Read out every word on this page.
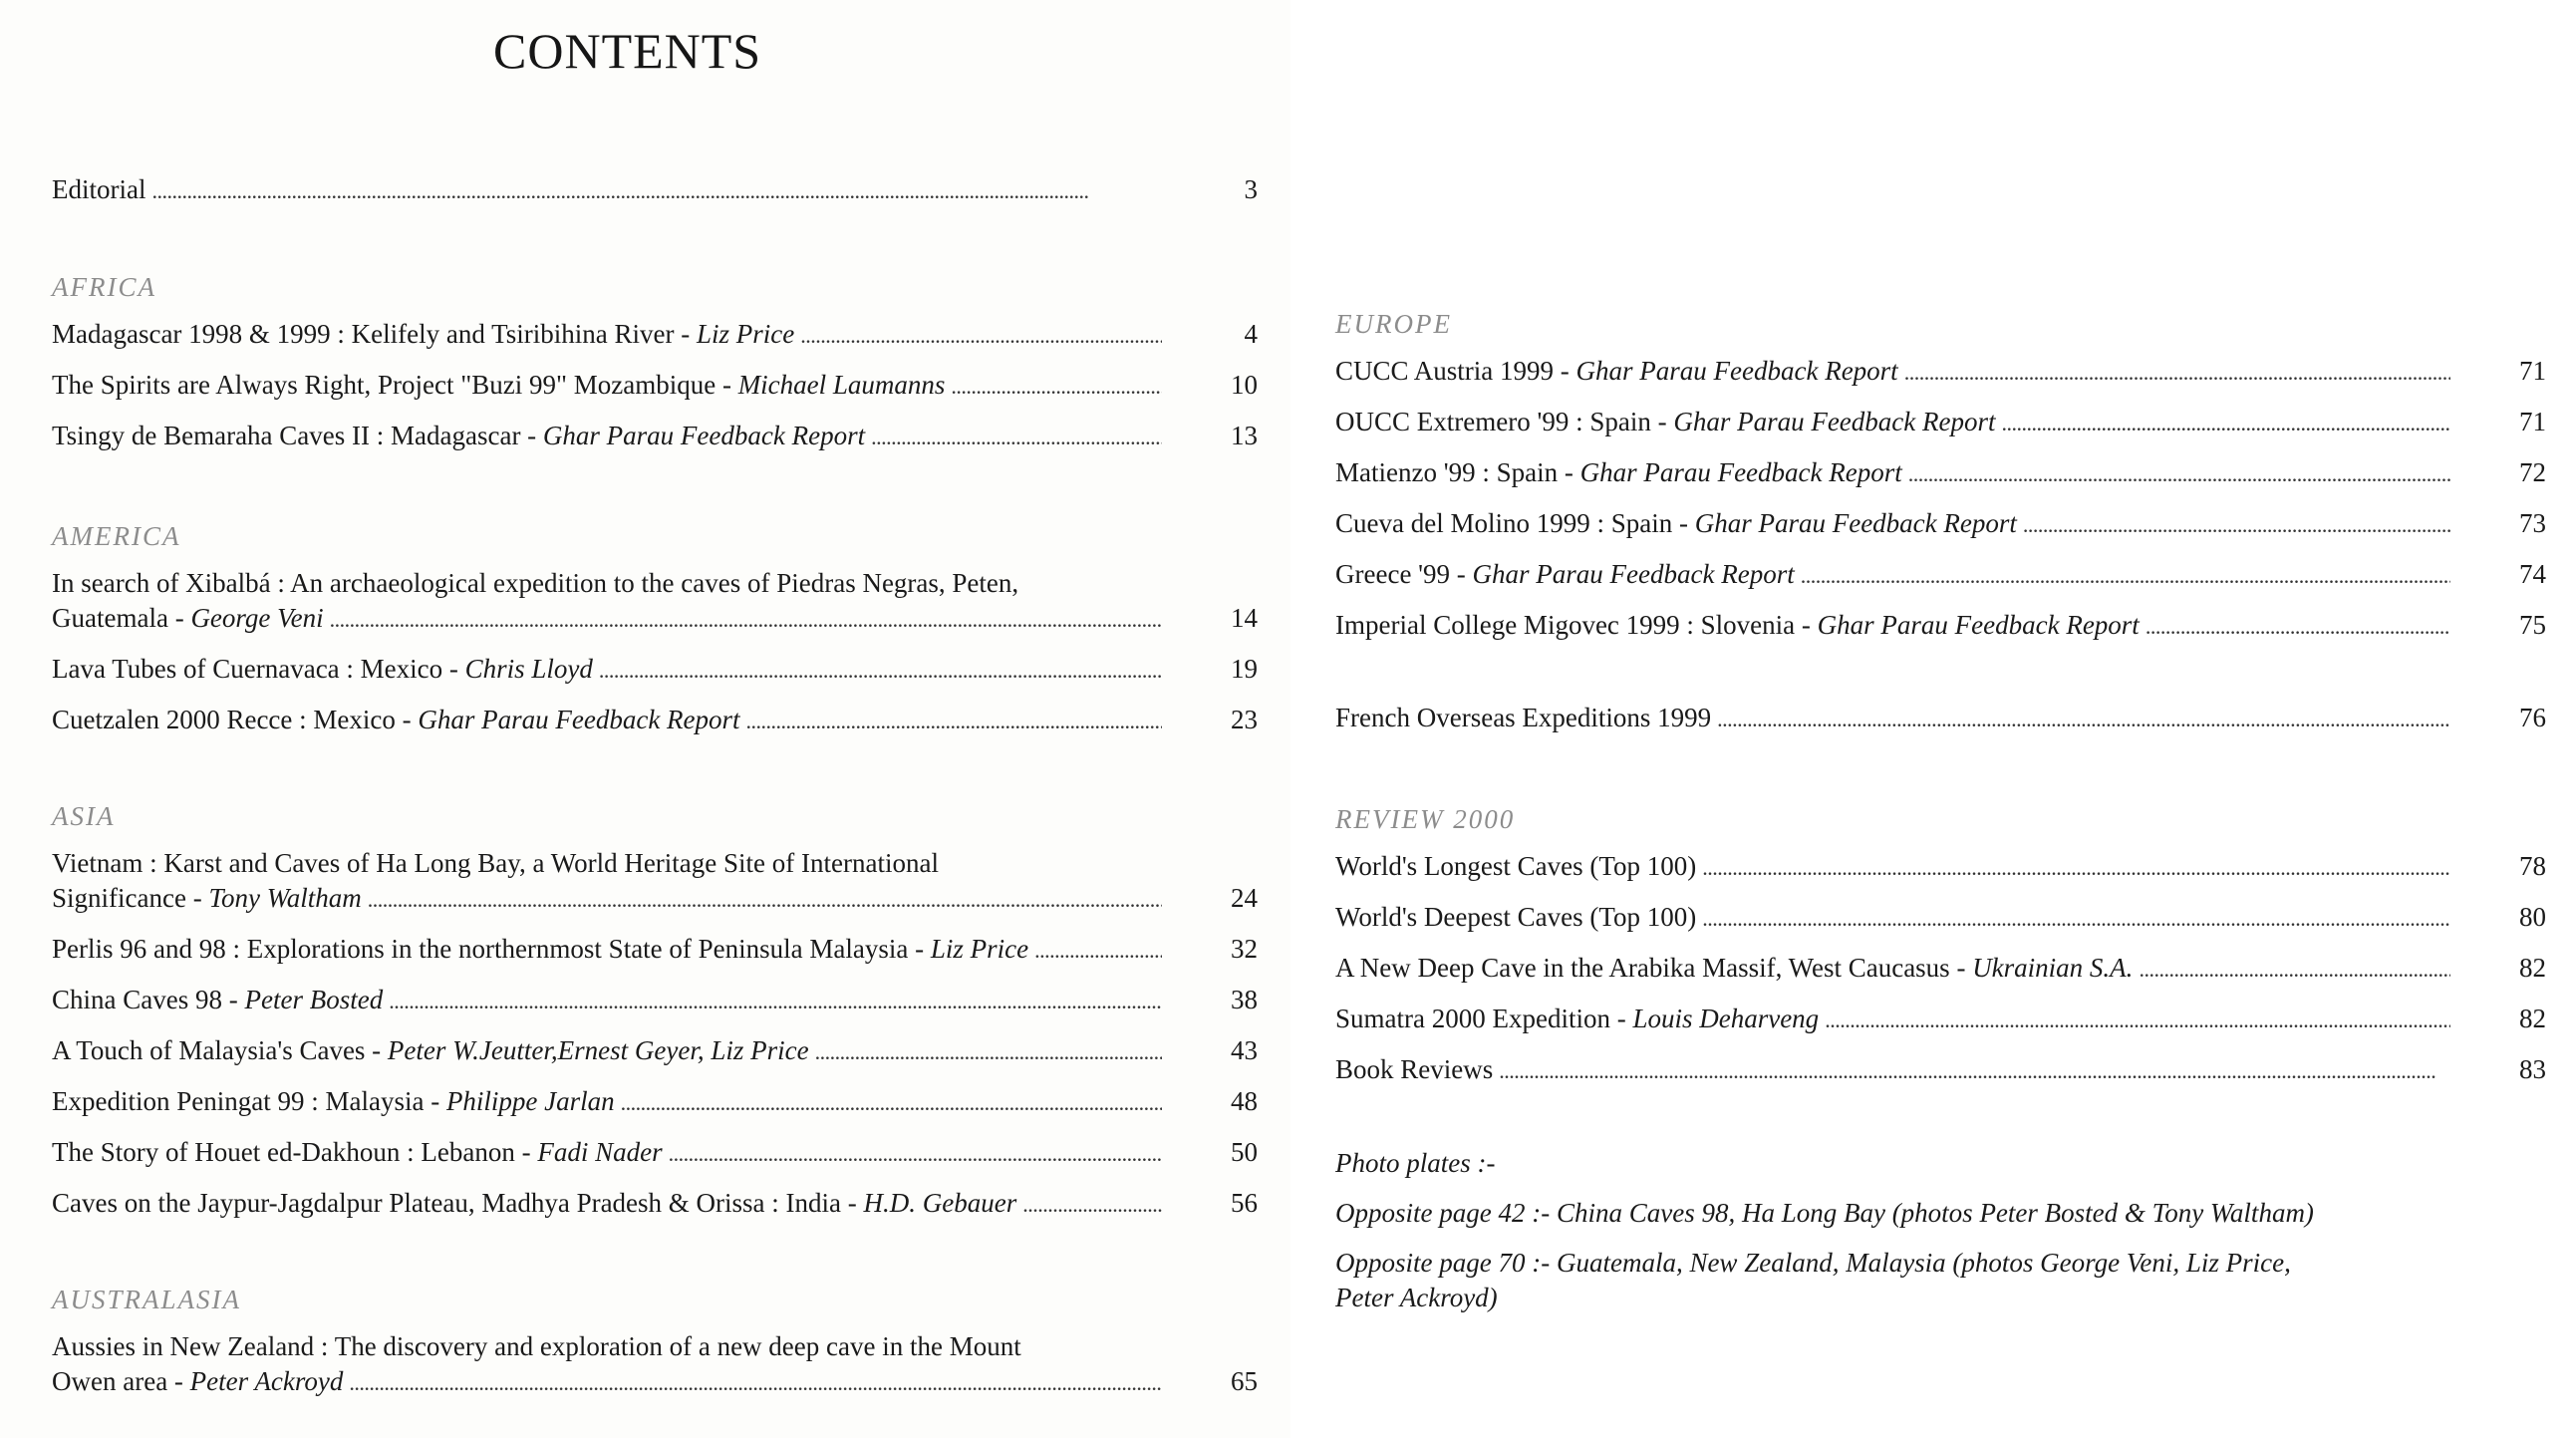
CONTENTS
Editorial . . .	3
AFRICA
Madagascar 1998 & 1999 : Kelifely and Tsiribihina River - Liz Price . . .	4
The Spirits are Always Right, Project "Buzi 99" Mozambique - Michael Laumanns . . .	10
Tsingy de Bemaraha Caves II : Madagascar - Ghar Parau Feedback Report . . .	13
AMERICA
In search of Xibalbá : An archaeological expedition to the caves of Piedras Negras, Peten,
Guatemala - George Veni . . .	14
Lava Tubes of Cuernavaca : Mexico - Chris Lloyd . . .	19
Cuetzalen 2000 Recce : Mexico - Ghar Parau Feedback Report . . .	23
ASIA
Vietnam : Karst and Caves of Ha Long Bay, a World Heritage Site of International
Significance - Tony Waltham . . .	24
Perlis 96 and 98 : Explorations in the northernmost State of Peninsula Malaysia - Liz Price . . .	32
China Caves 98 - Peter Bosted . . .	38
A Touch of Malaysia's Caves - Peter W.Jeutter,Ernest Geyer, Liz Price . . .	43
Expedition Peningat 99 : Malaysia - Philippe Jarlan . . .	48
The Story of Houet ed-Dakhoun : Lebanon - Fadi Nader . . .	50
Caves on the Jaypur-Jagdalpur Plateau, Madhya Pradesh & Orissa : India - H.D. Gebauer . . .	56
AUSTRALASIA
Aussies in New Zealand : The discovery and exploration of a new deep cave in the Mount
Owen area - Peter Ackroyd . . .	65
EUROPE
CUCC Austria 1999 - Ghar Parau Feedback Report . . .	71
OUCC Extremero '99 : Spain - Ghar Parau Feedback Report . . .	71
Matienzo '99 : Spain - Ghar Parau Feedback Report . . .	72
Cueva del Molino 1999 : Spain - Ghar Parau Feedback Report . . .	73
Greece '99 - Ghar Parau Feedback Report . . .	74
Imperial College Migovec 1999 : Slovenia - Ghar Parau Feedback Report . . .	75
French Overseas Expeditions 1999 . . .	76
REVIEW 2000
World's Longest Caves (Top 100) . . .	78
World's Deepest Caves (Top 100) . . .	80
A New Deep Cave in the Arabika Massif, West Caucasus - Ukrainian S.A. . . .	82
Sumatra 2000 Expedition - Louis Deharveng . . .	82
Book Reviews . . .	83

Photo plates :-

Opposite page 42 :- China Caves 98, Ha Long Bay (photos Peter Bosted & Tony Waltham)

Opposite page 70 :- Guatemala, New Zealand, Malaysia (photos George Veni, Liz Price,
Peter Ackroyd)
